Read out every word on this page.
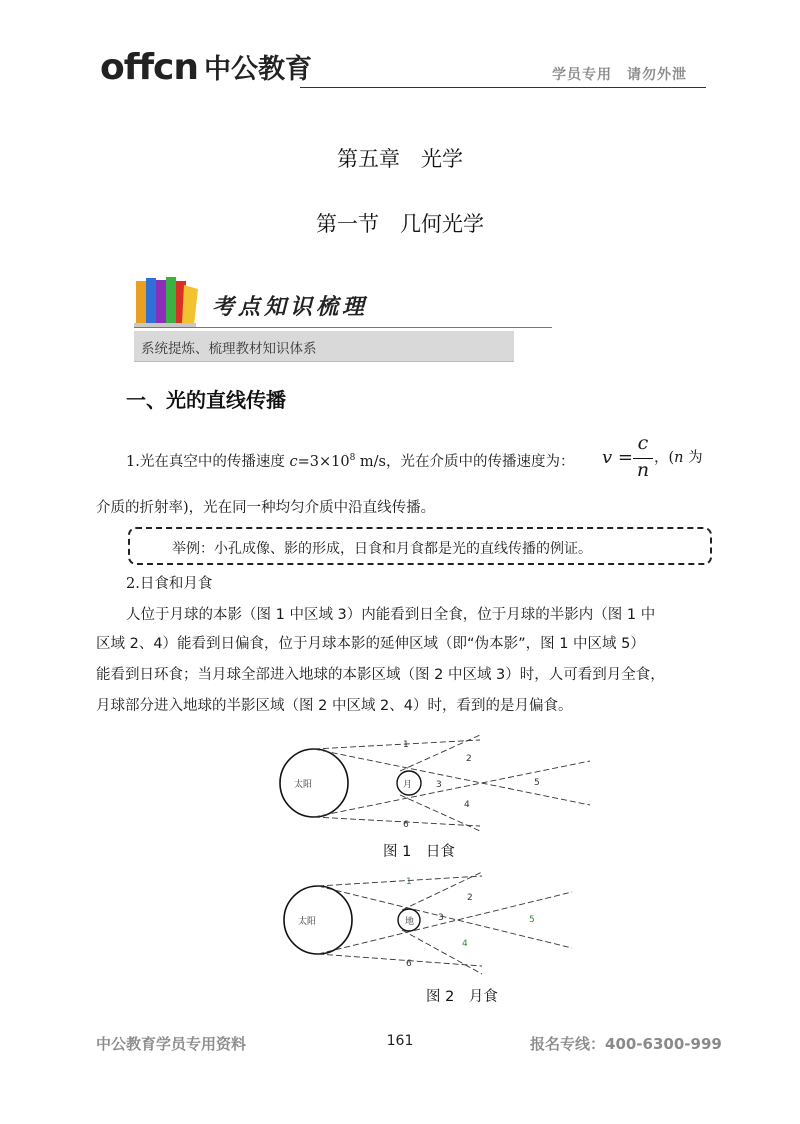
offcn 中公教育	学员专用　请勿外泄
第五章　光学
第一节　几何光学
考点知识梳理
系统提炼、梳理教材知识体系
一、光的直线传播
1.光在真空中的传播速度 $c=3\times 10^8$ m/s，光在介质中的传播速度为： v =
c
n
，(n 为
介质的折射率)，光在同一种均匀介质中沿直线传播。
举例：小孔成像、影的形成，日食和月食都是光的直线传播的例证。
2.日食和月食
人位于月球的本影（图 1 中区域 3）内能看到日全食，位于月球的半影内（图 1 中
区域 2、4）能看到日偏食，位于月球本影的延伸区域（即“伪本影”，图 1 中区域 5）
能看到日环食；当月球全部进入地球的本影区域（图 2 中区域 3）时，人可看到月全食，
月球部分进入地球的半影区域（图 2 中区域 2、4）时，看到的是月偏食。
太阳	月
1
2
3
4
5
6
图 1　日食
太阳	地
1
2
3
4
5
6
图 2　月食
中公教育学员专用资料	161	报名专线：400-6300-999
